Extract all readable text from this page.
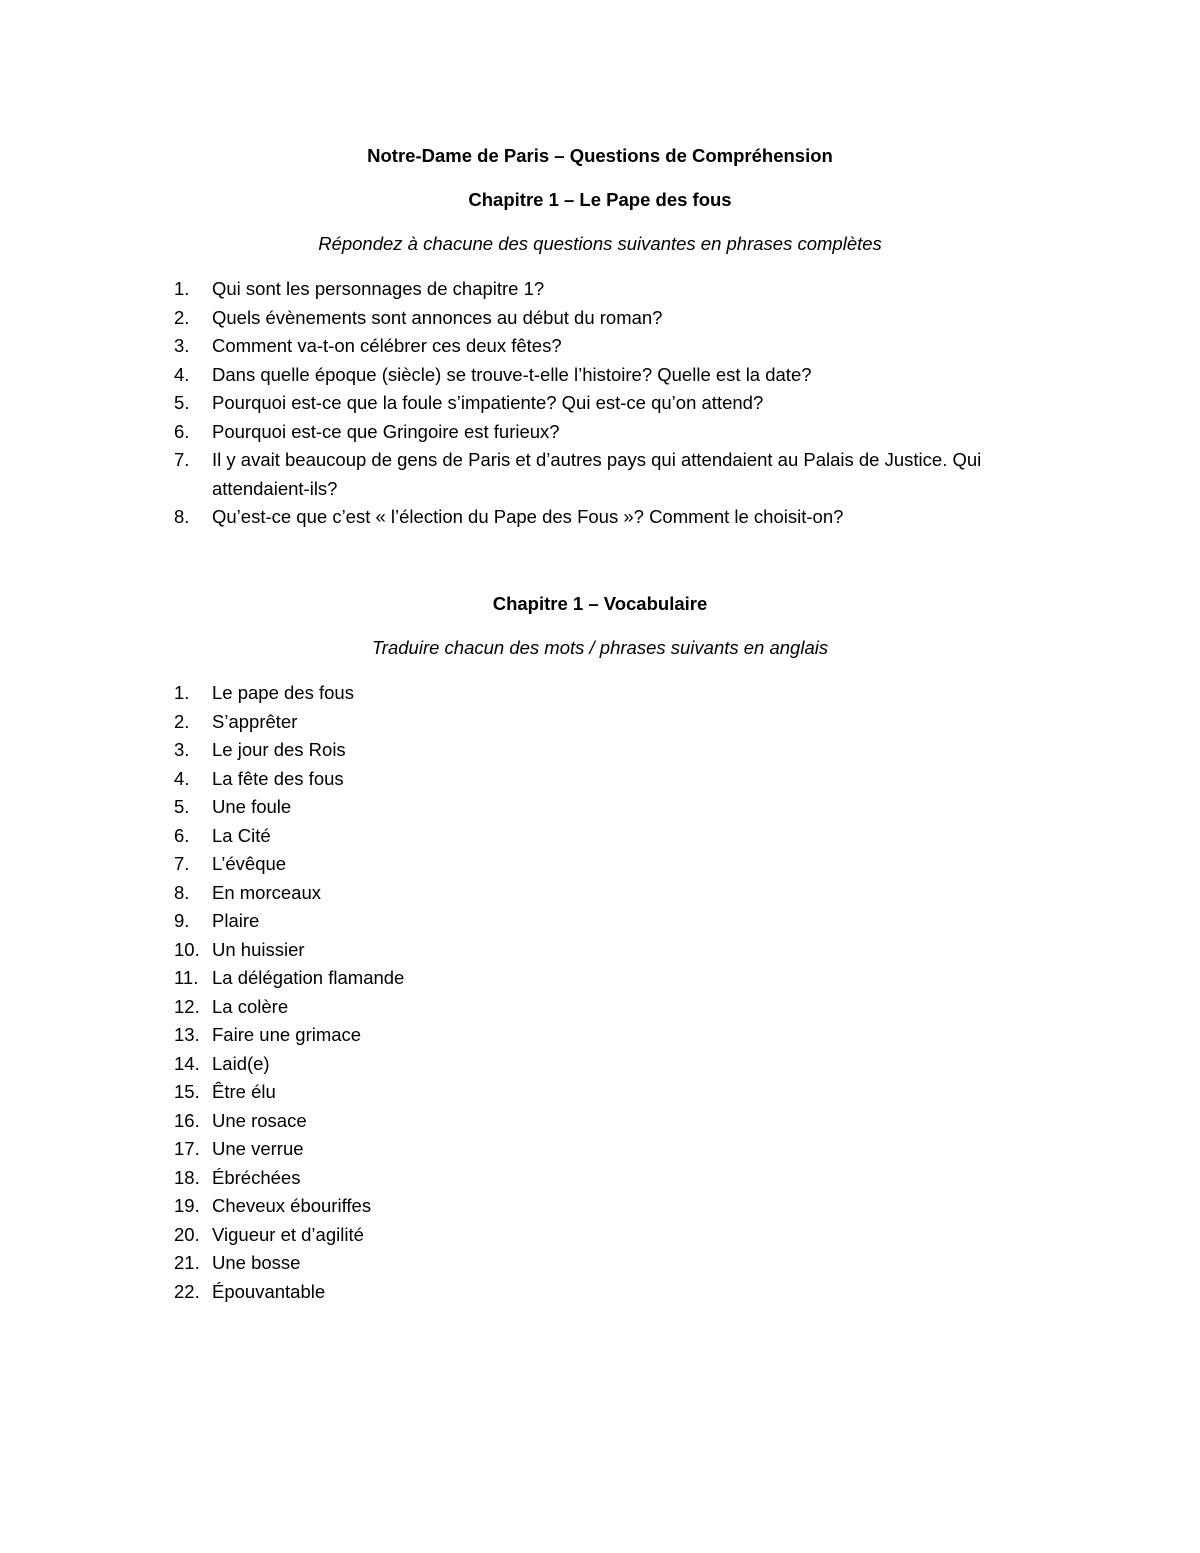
Notre-Dame de Paris – Questions de Compréhension

Chapitre 1 – Le Pape des fous

Répondez à chacune des questions suivantes en phrases complètes

1.	Qui sont les personnages de chapitre 1?
2.	Quels évènements sont annonces au début du roman?
3.	Comment va-t-on célébrer ces deux fêtes?
4.	Dans quelle époque (siècle) se trouve-t-elle l’histoire? Quelle est la date?
5.	Pourquoi est-ce que la foule s’impatiente? Qui est-ce qu’on attend?
6.	Pourquoi est-ce que Gringoire est furieux?
7.	Il y avait beaucoup de gens de Paris et d’autres pays qui attendaient au Palais de Justice. Qui attendaient-ils?
8.	Qu’est-ce que c’est « l’élection du Pape des Fous »? Comment le choisit-on?

Chapitre 1 – Vocabulaire

Traduire chacun des mots / phrases suivants en anglais

1.	Le pape des fous
2.	S’apprêter
3.	Le jour des Rois
4.	La fête des fous
5.	Une foule
6.	La Cité
7.	L’évêque
8.	En morceaux
9.	Plaire
10. Un huissier
11. La délégation flamande
12. La colère
13. Faire une grimace
14. Laid(e)
15. Être élu
16. Une rosace
17. Une verrue
18. Ébréchées
19. Cheveux ébouriffes
20. Vigueur et d’agilité
21. Une bosse
22. Épouvantable
